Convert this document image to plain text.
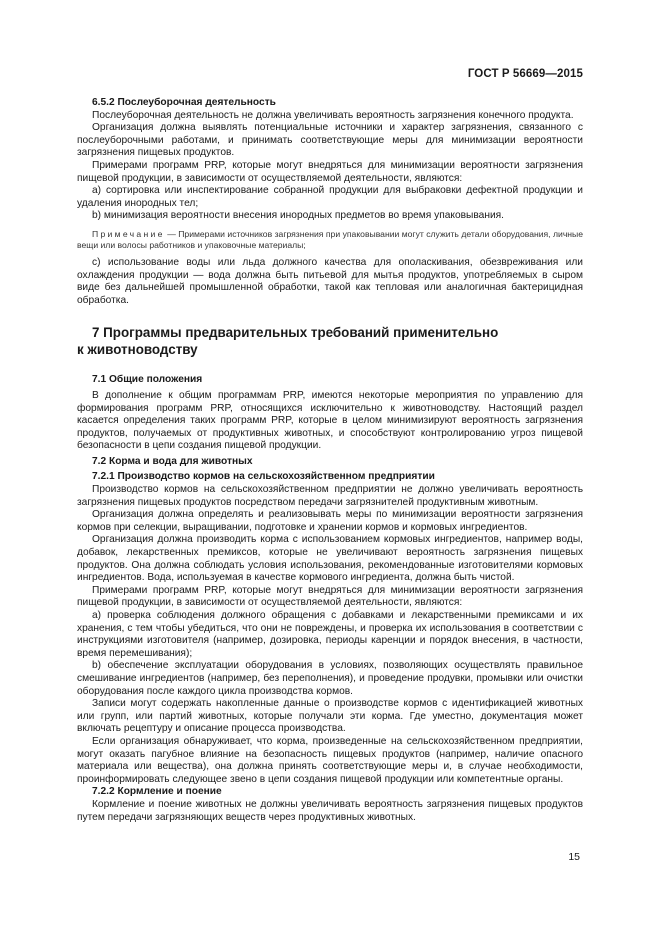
ГОСТ Р 56669—2015

6.5.2 Послеуборочная деятельность

Послеуборочная деятельность не должна увеличивать вероятность загрязнения конечного продукта.

Организация должна выявлять потенциальные источники и характер загрязнения, связанного с послеуборочными работами, и принимать соответствующие меры для минимизации вероятности загрязнения пищевых продуктов.

Примерами программ PRP, которые могут внедряться для минимизации вероятности загрязнения пищевой продукции, в зависимости от осуществляемой деятельности, являются:

a) сортировка или инспектирование собранной продукции для выбраковки дефектной продукции и удаления инородных тел;

b) минимизация вероятности внесения инородных предметов во время упаковывания.

Примечание — Примерами источников загрязнения при упаковывании могут служить детали оборудования, личные вещи или волосы работников и упаковочные материалы;

c) использование воды или льда должного качества для ополаскивания, обезвреживания или охлаждения продукции — вода должна быть питьевой для мытья продуктов, употребляемых в сыром виде без дальнейшей промышленной обработки, такой как тепловая или аналогичная бактерицидная обработка.

7 Программы предварительных требований применительно
к животноводству

7.1 Общие положения

В дополнение к общим программам PRP, имеются некоторые мероприятия по управлению для формирования программ PRP, относящихся исключительно к животноводству. Настоящий раздел касается определения таких программ PRP, которые в целом минимизируют вероятность загрязнения продуктов, получаемых от продуктивных животных, и способствуют контролированию угроз пищевой безопасности в цепи создания пищевой продукции.

7.2 Корма и вода для животных

7.2.1 Производство кормов на сельскохозяйственном предприятии

Производство кормов на сельскохозяйственном предприятии не должно увеличивать вероятность загрязнения пищевых продуктов посредством передачи загрязнителей продуктивным животным.

Организация должна определять и реализовывать меры по минимизации вероятности загрязнения кормов при селекции, выращивании, подготовке и хранении кормов и кормовых ингредиентов.

Организация должна производить корма с использованием кормовых ингредиентов, например воды, добавок, лекарственных премиксов, которые не увеличивают вероятность загрязнения пищевых продуктов. Она должна соблюдать условия использования, рекомендованные изготовителями кормовых ингредиентов. Вода, используемая в качестве кормового ингредиента, должна быть чистой.

Примерами программ PRP, которые могут внедряться для минимизации вероятности загрязнения пищевой продукции, в зависимости от осуществляемой деятельности, являются:

a) проверка соблюдения должного обращения с добавками и лекарственными премиксами и их хранения, с тем чтобы убедиться, что они не повреждены, и проверка их использования в соответствии с инструкциями изготовителя (например, дозировка, периоды каренции и порядок внесения, в частности, время перемешивания);

b) обеспечение эксплуатации оборудования в условиях, позволяющих осуществлять правильное смешивание ингредиентов (например, без переполнения), и проведение продувки, промывки или очистки оборудования после каждого цикла производства кормов.

Записи могут содержать накопленные данные о производстве кормов с идентификацией животных или групп, или партий животных, которые получали эти корма. Где уместно, документация может включать рецептуру и описание процесса производства.

Если организация обнаруживает, что корма, произведенные на сельскохозяйственном предприятии, могут оказать пагубное влияние на безопасность пищевых продуктов (например, наличие опасного материала или вещества), она должна принять соответствующие меры и, в случае необходимости, проинформировать следующее звено в цепи создания пищевой продукции или компетентные органы.

7.2.2 Кормление и поение

Кормление и поение животных не должны увеличивать вероятность загрязнения пищевых продуктов путем передачи загрязняющих веществ через продуктивных животных.

15
